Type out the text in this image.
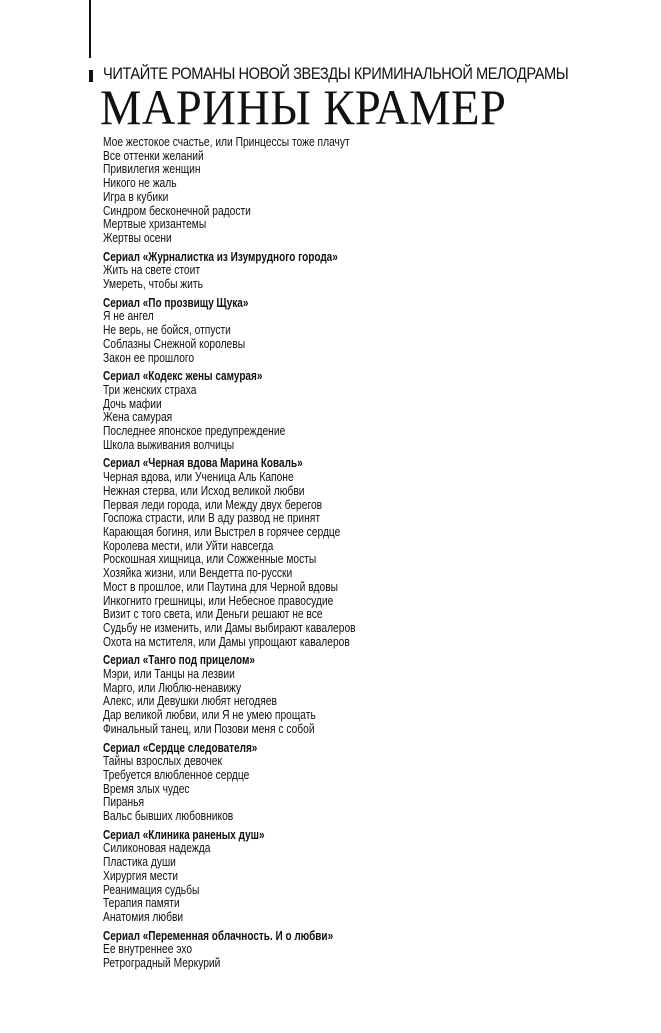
ЧИТАЙТЕ РОМАНЫ НОВОЙ ЗВЕЗДЫ КРИМИНАЛЬНОЙ МЕЛОДРАМЫ
МАРИНЫ КРАМЕР
Мое жестокое счастье, или Принцессы тоже плачут
Все оттенки желаний
Привилегия женщин
Никого не жаль
Игра в кубики
Синдром бесконечной радости
Мертвые хризантемы
Жертвы осени
Сериал «Журналистка из Изумрудного города»
Жить на свете стоит
Умереть, чтобы жить
Сериал «По прозвищу Щука»
Я не ангел
Не верь, не бойся, отпусти
Соблазны Снежной королевы
Закон ее прошлого
Сериал «Кодекс жены самурая»
Три женских страха
Дочь мафии
Жена самурая
Последнее японское предупреждение
Школа выживания волчицы
Сериал «Черная вдова Марина Коваль»
Черная вдова, или Ученица Аль Капоне
Нежная стерва, или Исход великой любви
Первая леди города, или Между двух берегов
Госпожа страсти, или В аду развод не принят
Карающая богиня, или Выстрел в горячее сердце
Королева мести, или Уйти навсегда
Роскошная хищница, или Сожженные мосты
Хозяйка жизни, или Вендетта по-русски
Мост в прошлое, или Паутина для Черной вдовы
Инкогнито грешницы, или Небесное правосудие
Визит с того света, или Деньги решают не все
Судьбу не изменить, или Дамы выбирают кавалеров
Охота на мстителя, или Дамы упрощают кавалеров
Сериал «Танго под прицелом»
Мэри, или Танцы на лезвии
Марго, или Люблю-ненавижу
Алекс, или Девушки любят негодяев
Дар великой любви, или Я не умею прощать
Финальный танец, или Позови меня с собой
Сериал «Сердце следователя»
Тайны взрослых девочек
Требуется влюбленное сердце
Время злых чудес
Пиранья
Вальс бывших любовников
Сериал «Клиника раненых душ»
Силиконовая надежда
Пластика души
Хирургия мести
Реанимация судьбы
Терапия памяти
Анатомия любви
Сериал «Переменная облачность. И о любви»
Ее внутреннее эхо
Ретроградный Меркурий
